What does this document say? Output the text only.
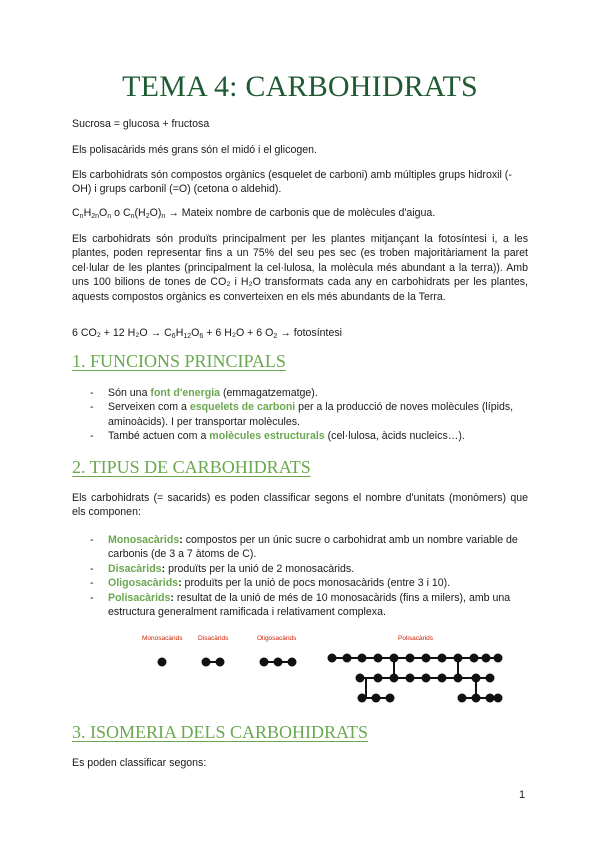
TEMA 4: CARBOHIDRATS

Sucrosa = glucosa + fructosa

Els polisacàrids més grans són el midó i el glicogen.

Els carbohidrats són compostos orgànics (esquelet de carboni) amb múltiples grups hidroxil (-OH) i grups carbonil (=O) (cetona o aldehid).

$C_nH_{2n}O_n$ o $C_n(H_2O)_n$ → Mateix nombre de carbonis que de molècules d'aigua.

Els carbohidrats són produïts principalment per les plantes mitjançant la fotosíntesi i, a les plantes, poden representar fins a un 75% del seu pes sec (es troben majoritàriament la paret cel·lular de les plantes (principalment la cel·lulosa, la molècula més abundant a la terra)). Amb uns 100 bilions de tones de CO₂ i H₂O transformats cada any en carbohidrats per les plantes, aquests compostos orgànics es converteixen en els més abundants de la Terra.

6 CO₂ + 12 $H_2O \to C_6H_{12}O_6 + 6$ H₂O + 6 $O_2$ → fotosíntesi

1. FUNCIONS PRINCIPALS
- Són una font d'energia (emmagatzematge).
- Serveixen com a esquelets de carboni per a la producció de noves molècules (lípids, aminoàcids). I per transportar molècules.
- També actuen com a molècules estructurals (cel·lulosa, àcids nucleics…).
2. TIPUS DE CARBOHIDRATS

Els carbohidrats (= sacarids) es poden classificar segons el nombre d'unitats (monòmers) que els componen:

- Monosacàrids: compostos per un únic sucre o carbohidrat amb un nombre variable de carbonis (de 3 a 7 àtoms de C).
- Disacàrids: produïts per la unió de 2 monosacàrids.
- Oligosacàrids: produïts per la unió de pocs monosacàrids (entre 3 i 10).
- Polisacàrids: resultat de la unió de més de 10 monosacàrids (fins a milers), amb una estructura generalment ramificada i relativament complexa.
Monosacàrids Disacàrids	Oligosacàrids	Polisacàrids
3. ISOMERIA DELS CARBOHIDRATS

Es poden classificar segons:

1
